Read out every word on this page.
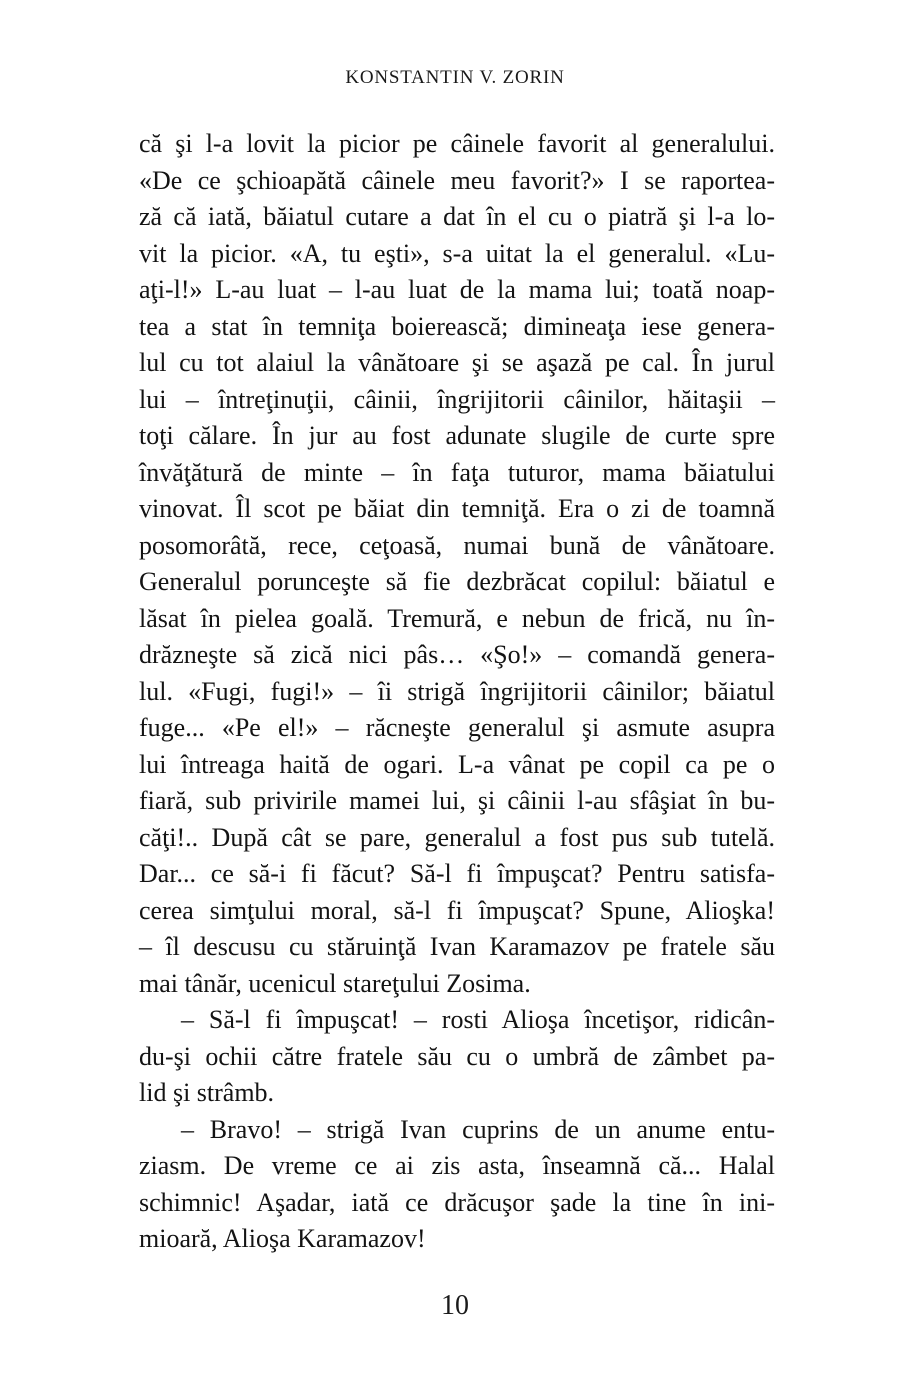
KONSTANTIN V. ZORIN
că şi l-a lovit la picior pe câinele favorit al generalului.
«De ce şchioapătă câinele meu favorit?» I se raportea-
ză că iată, băiatul cutare a dat în el cu o piatră şi l-a lo-
vit la picior. «A, tu eşti», s-a uitat la el generalul. «Lu-
aţi-l!» L-au luat – l-au luat de la mama lui; toată noap-
tea a stat în temniţa boierească; dimineaţa iese genera-
lul cu tot alaiul la vânătoare şi se aşază pe cal. În jurul
lui – întreţinuţii, câinii, îngrijitorii câinilor, hăitaşii –
toţi călare. În jur au fost adunate slugile de curte spre
învăţătură de minte – în faţa tuturor, mama băiatului
vinovat. Îl scot pe băiat din temniţă. Era o zi de toamnă
posomorâtă, rece, ceţoasă, numai bună de vânătoare.
Generalul porunceşte să fie dezbrăcat copilul: băiatul e
lăsat în pielea goală. Tremură, e nebun de frică, nu în-
drăzneşte să zică nici pâs… «Şo!» – comandă genera-
lul. «Fugi, fugi!» – îi strigă îngrijitorii câinilor; băiatul
fuge... «Pe el!» – răcneşte generalul şi asmute asupra
lui întreaga haită de ogari. L-a vânat pe copil ca pe o
fiară, sub privirile mamei lui, şi câinii l-au sfâşiat în bu-
căţi!.. După cât se pare, generalul a fost pus sub tutelă.
Dar... ce să-i fi făcut? Să-l fi împuşcat? Pentru satisfa-
cerea simţului moral, să-l fi împuşcat? Spune, Alioşka!
– îl descusu cu stăruinţă Ivan Karamazov pe fratele său
mai tânăr, ucenicul stareţului Zosima.
– Să-l fi împuşcat! – rosti Alioşa încetişor, ridicân-
du-şi ochii către fratele său cu o umbră de zâmbet pa-
lid şi strâmb.
– Bravo! – strigă Ivan cuprins de un anume entu-
ziasm. De vreme ce ai zis asta, înseamnă că... Halal
schimnic! Aşadar, iată ce drăcuşor şade la tine în ini-
mioară, Alioşa Karamazov!
10
